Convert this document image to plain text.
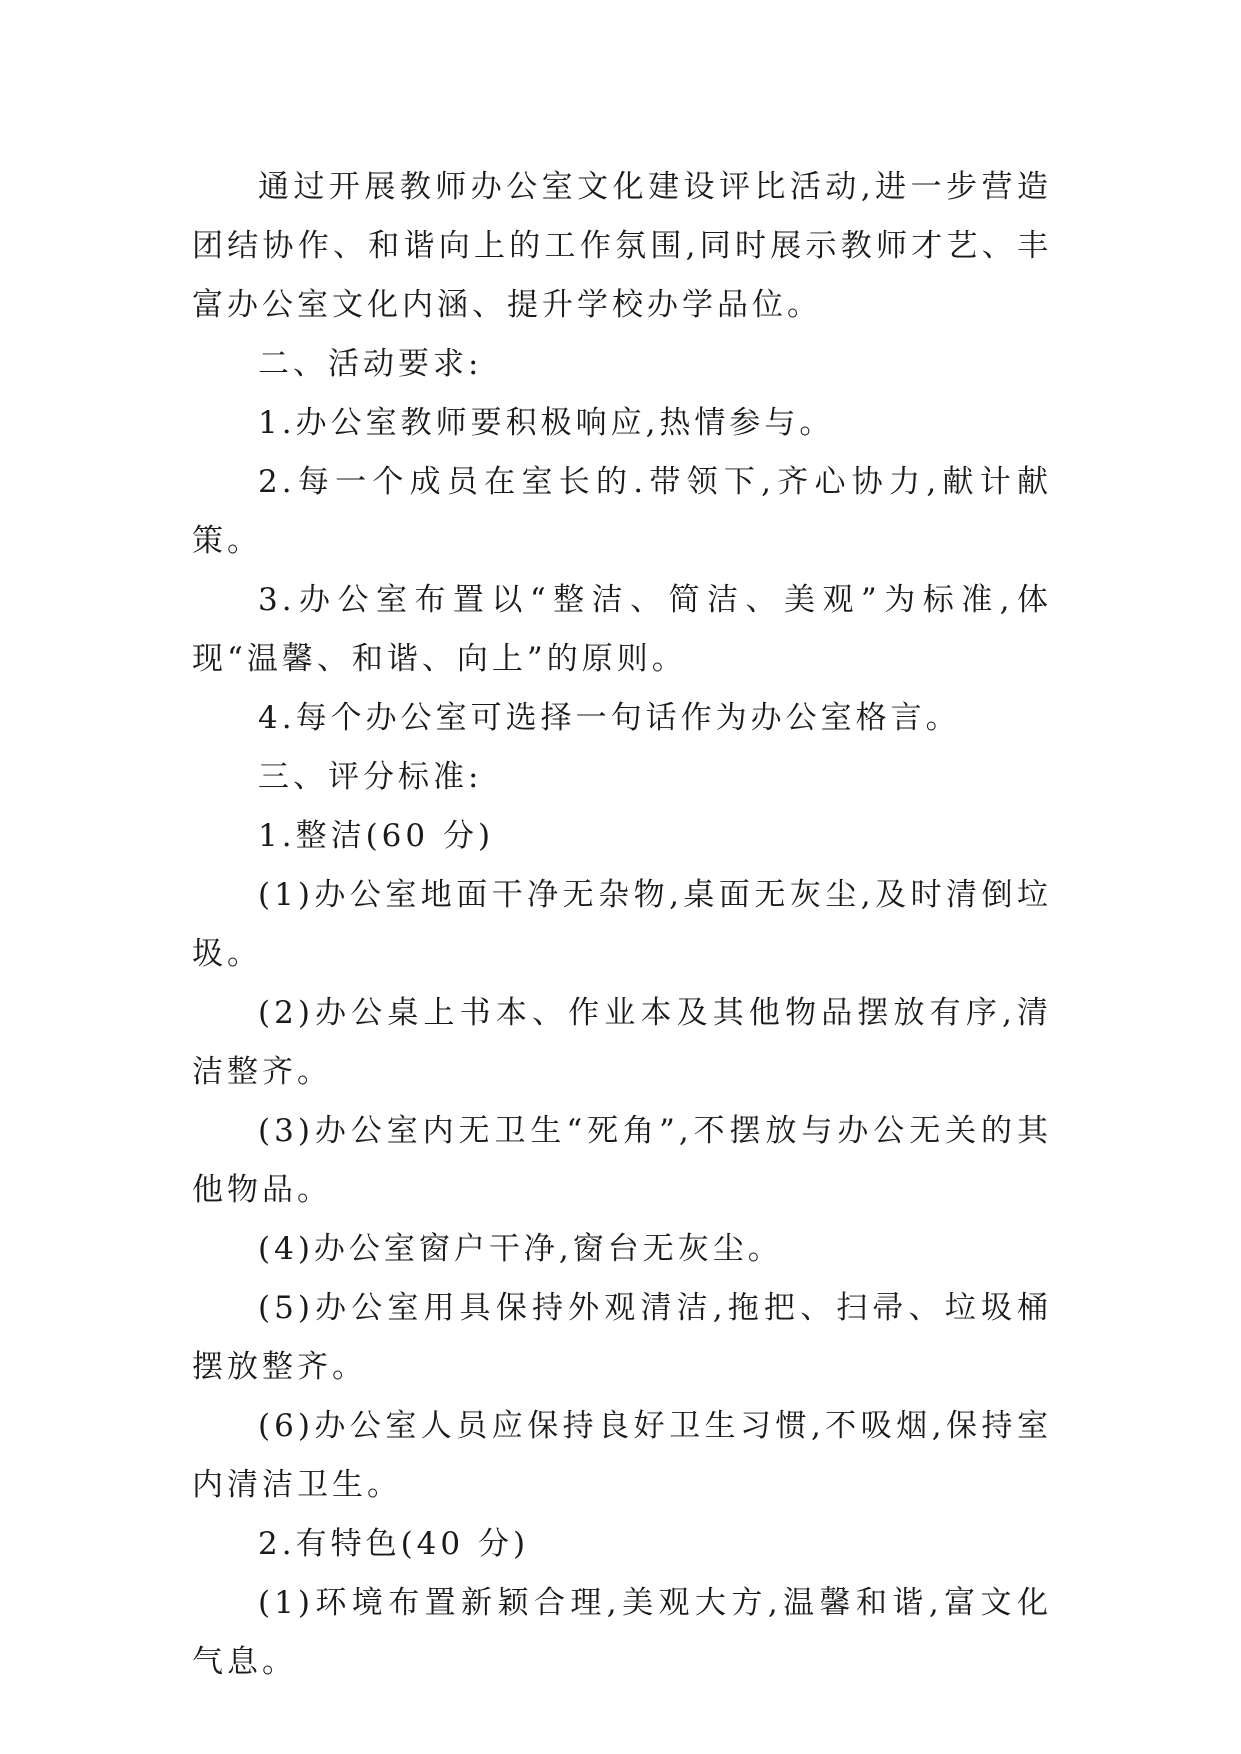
通过开展教师办公室文化建设评比活动,进一步营造团结协作、和谐向上的工作氛围,同时展示教师才艺、丰富办公室文化内涵、提升学校办学品位。

二、活动要求:

1.办公室教师要积极响应,热情参与。

2.每一个成员在室长的.带领下,齐心协力,献计献策。

3.办公室布置以“整洁、简洁、美观”为标准,体现“温馨、和谐、向上”的原则。

4.每个办公室可选择一句话作为办公室格言。

三、评分标准:

1.整洁(60 分)

(1)办公室地面干净无杂物,桌面无灰尘,及时清倒垃圾。

(2)办公桌上书本、作业本及其他物品摆放有序,清洁整齐。

(3)办公室内无卫生“死角”,不摆放与办公无关的其他物品。

(4)办公室窗户干净,窗台无灰尘。

(5)办公室用具保持外观清洁,拖把、扫帚、垃圾桶摆放整齐。

(6)办公室人员应保持良好卫生习惯,不吸烟,保持室内清洁卫生。

2.有特色(40 分)

(1)环境布置新颖合理,美观大方,温馨和谐,富文化气息。
